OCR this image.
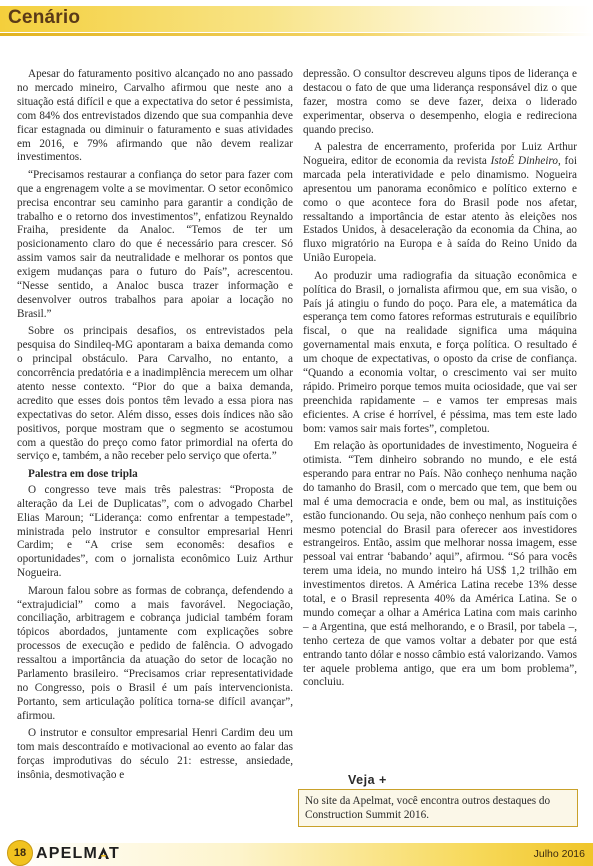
Cenário

Apesar do faturamento positivo alcançado no ano passado no mercado mineiro, Carvalho afirmou que neste ano a situação está difícil e que a expectativa do setor é pessimista, com 84% dos entrevistados dizendo que sua companhia deve ficar estagnada ou diminuir o faturamento e suas atividades em 2016, e 79% afirmando que não devem realizar investimentos.

“Precisamos restaurar a confiança do setor para fazer com que a engrenagem volte a se movimentar. O setor econômico precisa encontrar seu caminho para garantir a condição de trabalho e o retorno dos investimentos”, enfatizou Reynaldo Fraiha, presidente da Analoc. “Temos de ter um posicionamento claro do que é necessário para crescer. Só assim vamos sair da neutralidade e melhorar os pontos que exigem mudanças para o futuro do País”, acrescentou. “Nesse sentido, a Analoc busca trazer informação e desenvolver outros trabalhos para apoiar a locação no Brasil.”

Sobre os principais desafios, os entrevistados pela pesquisa do Sindileq-MG apontaram a baixa demanda como o principal obstáculo. Para Carvalho, no entanto, a concorrência predatória e a inadimplência merecem um olhar atento nesse contexto. “Pior do que a baixa demanda, acredito que esses dois pontos têm levado a essa piora nas expectativas do setor. Além disso, esses dois índices não são positivos, porque mostram que o segmento se acostumou com a questão do preço como fator primordial na oferta do serviço e, também, a não receber pelo serviço que oferta.”

Palestra em dose tripla

O congresso teve mais três palestras: “Proposta de alteração da Lei de Duplicatas”, com o advogado Charbel Elias Maroun; “Liderança: como enfrentar a tempestade”, ministrada pelo instrutor e consultor empresarial Henri Cardim; e “A crise sem economês: desafios e oportunidades”, com o jornalista econômico Luiz Arthur Nogueira.

Maroun falou sobre as formas de cobrança, defendendo a “extrajudicial” como a mais favorável. Negociação, conciliação, arbitragem e cobrança judicial também foram tópicos abordados, juntamente com explicações sobre processos de execução e pedido de falência. O advogado ressaltou a importância da atuação do setor de locação no Parlamento brasileiro. “Precisamos criar representatividade no Congresso, pois o Brasil é um país intervencionista. Portanto, sem articulação política torna-se difícil avançar”, afirmou.

O instrutor e consultor empresarial Henri Cardim deu um tom mais descontraído e motivacional ao evento ao falar das forças improdutivas do século 21: estresse, ansiedade, insônia, desmotivação e

depressão. O consultor descreveu alguns tipos de liderança e destacou o fato de que uma liderança responsável diz o que fazer, mostra como se deve fazer, deixa o liderado experimentar, observa o desempenho, elogia e redireciona quando preciso.

A palestra de encerramento, proferida por Luiz Arthur Nogueira, editor de economia da revista IstoÉ Dinheiro, foi marcada pela interatividade e pelo dinamismo. Nogueira apresentou um panorama econômico e político externo e como o que acontece fora do Brasil pode nos afetar, ressaltando a importância de estar atento às eleições nos Estados Unidos, à desaceleração da economia da China, ao fluxo migratório na Europa e à saída do Reino Unido da União Europeia.

Ao produzir uma radiografia da situação econômica e política do Brasil, o jornalista afirmou que, em sua visão, o País já atingiu o fundo do poço. Para ele, a matemática da esperança tem como fatores reformas estruturais e equilíbrio fiscal, o que na realidade significa uma máquina governamental mais enxuta, e força política. O resultado é um choque de expectativas, o oposto da crise de confiança. “Quando a economia voltar, o crescimento vai ser muito rápido. Primeiro porque temos muita ociosidade, que vai ser preenchida rapidamente – e vamos ter empresas mais eficientes. A crise é horrível, é péssima, mas tem este lado bom: vamos sair mais fortes”, completou.

Em relação às oportunidades de investimento, Nogueira é otimista. “Tem dinheiro sobrando no mundo, e ele está esperando para entrar no País. Não conheço nenhuma nação do tamanho do Brasil, com o mercado que tem, que bem ou mal é uma democracia e onde, bem ou mal, as instituições estão funcionando. Ou seja, não conheço nenhum país com o mesmo potencial do Brasil para oferecer aos investidores estrangeiros. Então, assim que melhorar nossa imagem, esse pessoal vai entrar ‘babando’ aqui”, afirmou. “Só para vocês terem uma ideia, no mundo inteiro há US$ 1,2 trilhão em investimentos diretos. A América Latina recebe 13% desse total, e o Brasil representa 40% da América Latina. Se o mundo começar a olhar a América Latina com mais carinho – a Argentina, que está melhorando, e o Brasil, por tabela –, tenho certeza de que vamos voltar a debater por que está entrando tanto dólar e nosso câmbio está valorizando. Vamos ter aquele problema antigo, que era um bom problema”, concluiu.

Veja +
No site da Apelmat, você encontra outros destaques do Construction Summit 2016.
18 APELM T	Julho 2016
